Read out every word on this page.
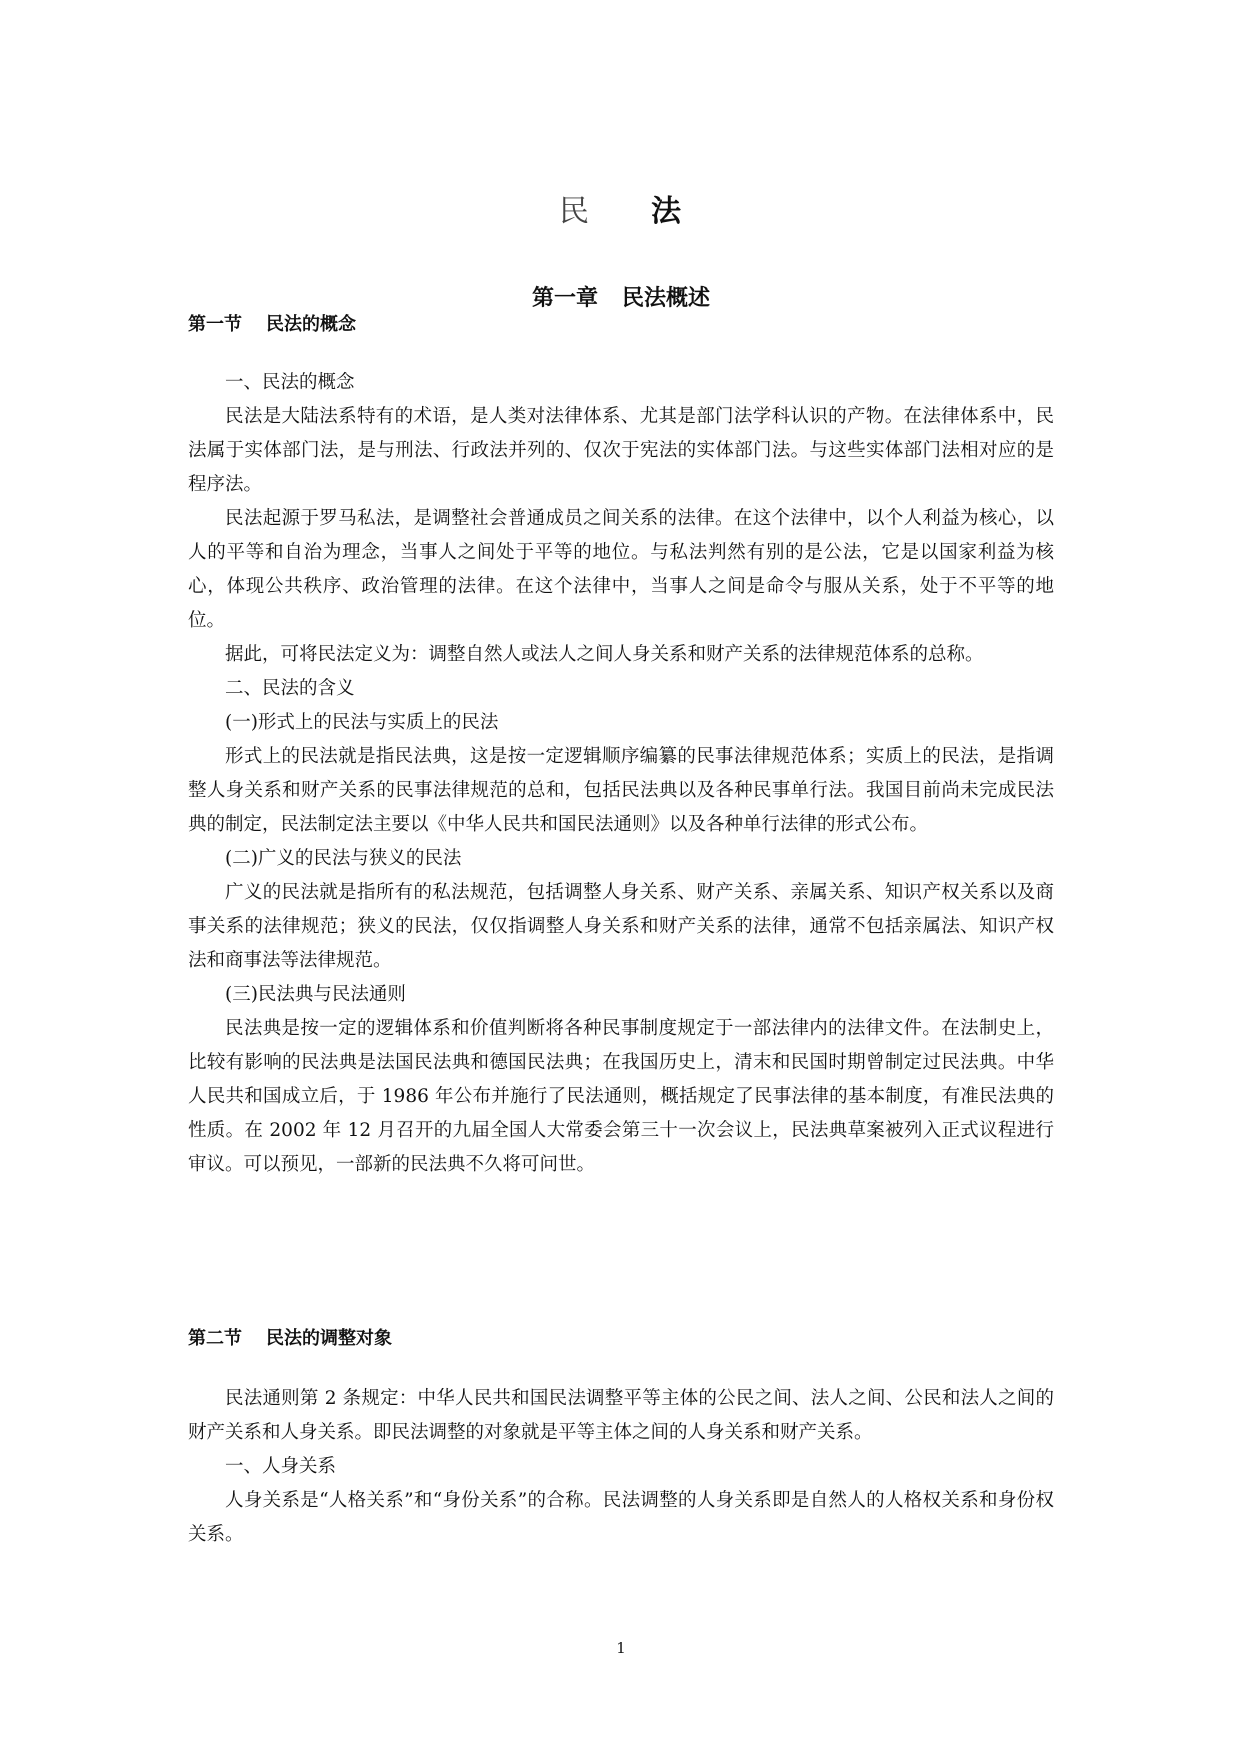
民 法
第一章 民法概述
第一节 民法的概念

一、民法的概念

民法是大陆法系特有的术语，是人类对法律体系、尤其是部门法学科认识的产物。在法律体系中，民法属于实体部门法，是与刑法、行政法并列的、仅次于宪法的实体部门法。与这些实体部门法相对应的是程序法。

民法起源于罗马私法，是调整社会普通成员之间关系的法律。在这个法律中，以个人利益为核心，以人的平等和自治为理念，当事人之间处于平等的地位。与私法判然有别的是公法，它是以国家利益为核心，体现公共秩序、政治管理的法律。在这个法律中，当事人之间是命令与服从关系，处于不平等的地位。

据此，可将民法定义为：调整自然人或法人之间人身关系和财产关系的法律规范体系的总称。

二、民法的含义

(一)形式上的民法与实质上的民法

形式上的民法就是指民法典，这是按一定逻辑顺序编纂的民事法律规范体系；实质上的民法，是指调整人身关系和财产关系的民事法律规范的总和，包括民法典以及各种民事单行法。我国目前尚未完成民法典的制定，民法制定法主要以《中华人民共和国民法通则》以及各种单行法律的形式公布。

(二)广义的民法与狭义的民法

广义的民法就是指所有的私法规范，包括调整人身关系、财产关系、亲属关系、知识产权关系以及商事关系的法律规范；狭义的民法，仅仅指调整人身关系和财产关系的法律，通常不包括亲属法、知识产权法和商事法等法律规范。

(三)民法典与民法通则

民法典是按一定的逻辑体系和价值判断将各种民事制度规定于一部法律内的法律文件。在法制史上，比较有影响的民法典是法国民法典和德国民法典；在我国历史上，清末和民国时期曾制定过民法典。中华人民共和国成立后，于 1986 年公布并施行了民法通则，概括规定了民事法律的基本制度，有准民法典的性质。在 2002 年 12 月召开的九届全国人大常委会第三十一次会议上，民法典草案被列入正式议程进行审议。可以预见，一部新的民法典不久将可问世。

第二节 民法的调整对象

民法通则第 2 条规定：中华人民共和国民法调整平等主体的公民之间、法人之间、公民和法人之间的财产关系和人身关系。即民法调整的对象就是平等主体之间的人身关系和财产关系。

一、人身关系

人身关系是“人格关系”和“身份关系”的合称。民法调整的人身关系即是自然人的人格权关系和身份权关系。

1
